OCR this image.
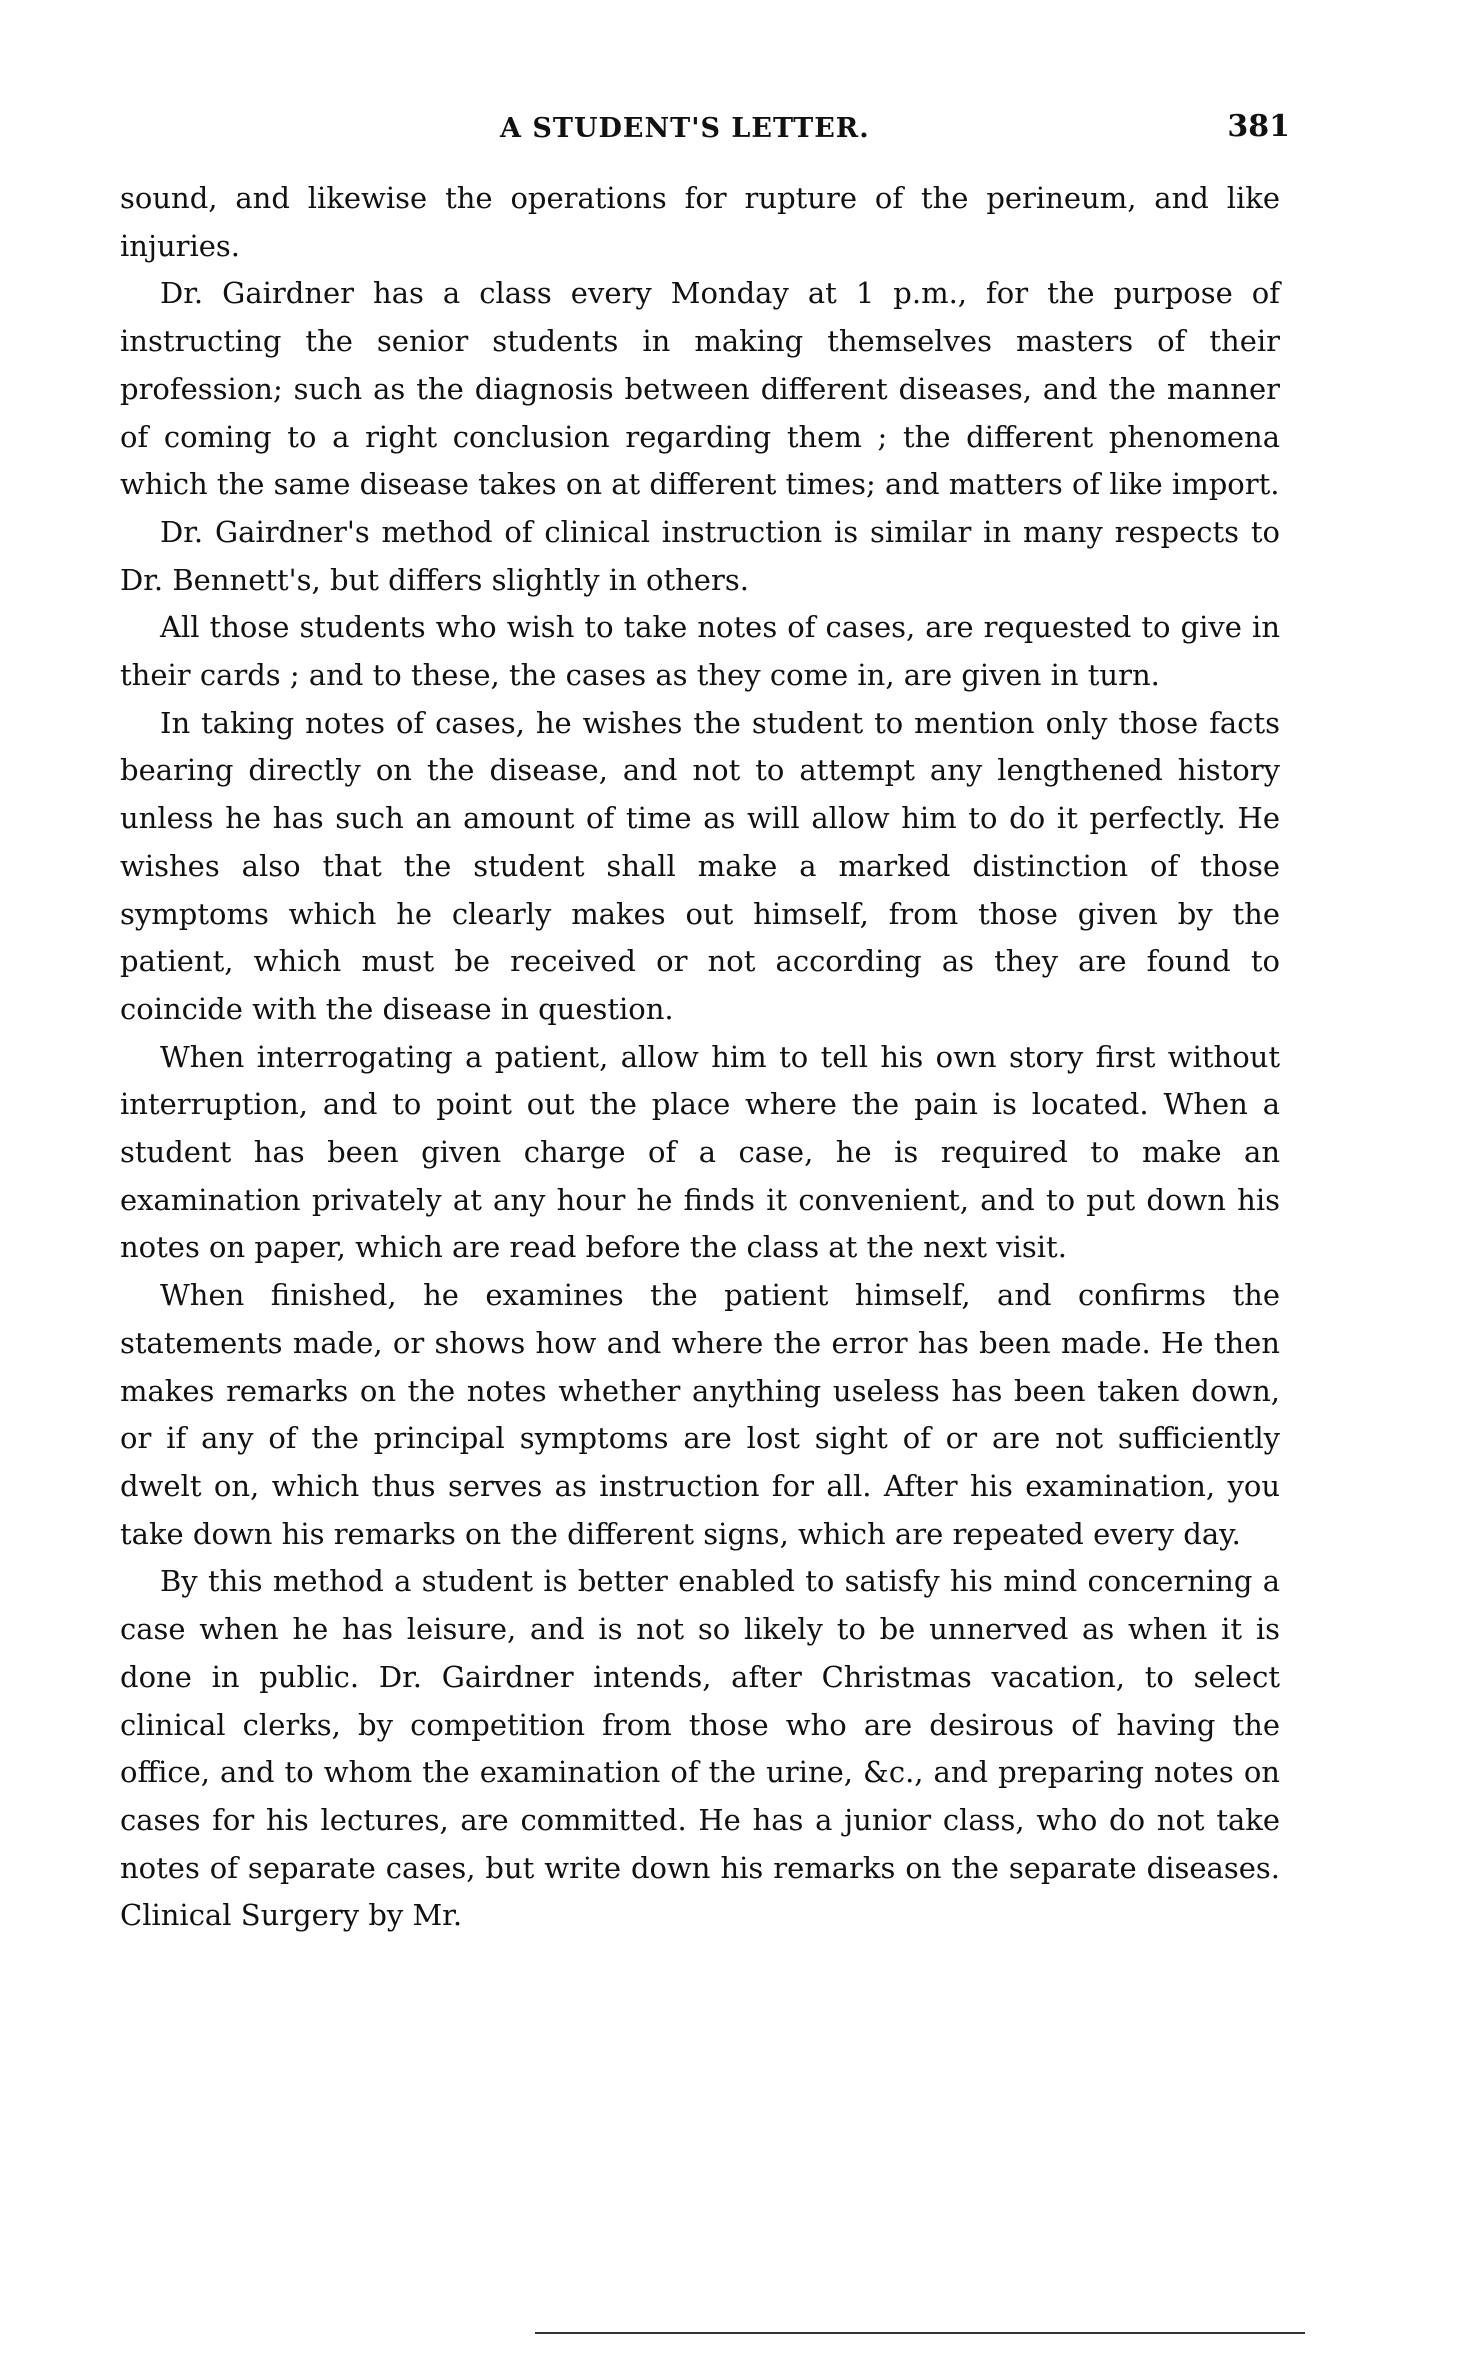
A STUDENT'S LETTER.	381

sound, and likewise the operations for rupture of the perineum, and like injuries.

Dr. Gairdner has a class every Monday at 1 p.m., for the purpose of instructing the senior students in making themselves masters of their profession; such as the diagnosis between different diseases, and the manner of coming to a right conclusion regarding them ; the different phenomena which the same disease takes on at different times; and matters of like import.

Dr. Gairdner's method of clinical instruction is similar in many respects to Dr. Bennett's, but differs slightly in others.

All those students who wish to take notes of cases, are requested to give in their cards ; and to these, the cases as they come in, are given in turn.

In taking notes of cases, he wishes the student to mention only those facts bearing directly on the disease, and not to attempt any lengthened history unless he has such an amount of time as will allow him to do it perfectly. He wishes also that the student shall make a marked distinction of those symptoms which he clearly makes out himself, from those given by the patient, which must be received or not according as they are found to coincide with the disease in question.

When interrogating a patient, allow him to tell his own story first without interruption, and to point out the place where the pain is located. When a student has been given charge of a case, he is required to make an examination privately at any hour he finds it convenient, and to put down his notes on paper, which are read before the class at the next visit.

When finished, he examines the patient himself, and confirms the statements made, or shows how and where the error has been made. He then makes remarks on the notes whether anything useless has been taken down, or if any of the principal symptoms are lost sight of or are not sufficiently dwelt on, which thus serves as instruction for all. After his examination, you take down his remarks on the different signs, which are repeated every day.

By this method a student is better enabled to satisfy his mind concerning a case when he has leisure, and is not so likely to be unnerved as when it is done in public. Dr. Gairdner intends, after Christmas vacation, to select clinical clerks, by competition from those who are desirous of having the office, and to whom the examination of the urine, &c., and preparing notes on cases for his lectures, are committed. He has a junior class, who do not take notes of separate cases, but write down his remarks on the separate diseases. Clinical Surgery by Mr.
